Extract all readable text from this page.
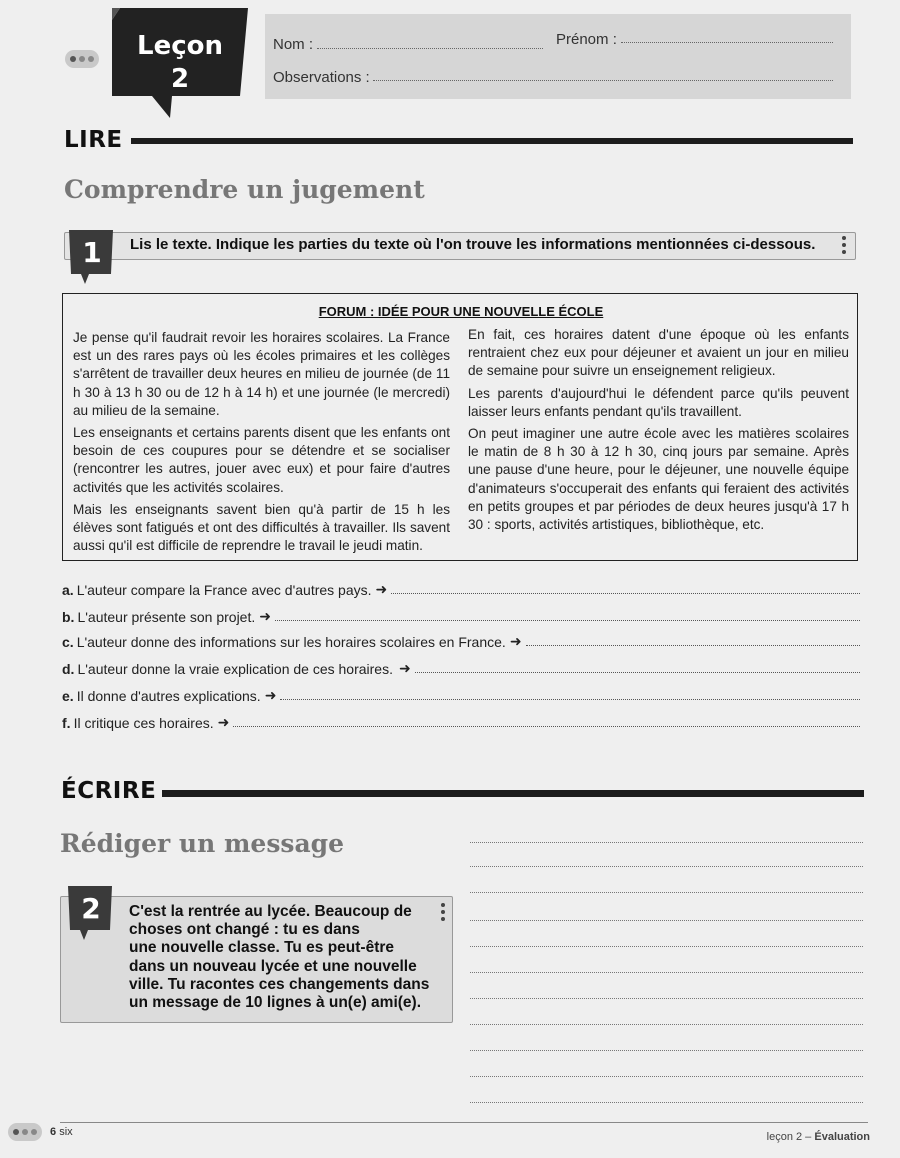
Leçon
2
Nom :	Prénom :
Observations :
LIRE
Comprendre un jugement
1	Lis le texte. Indique les parties du texte où l'on trouve les informations mentionnées ci-dessous.
FORUM : IDÉE POUR UNE NOUVELLE ÉCOLE

Je pense qu'il faudrait revoir les horaires scolaires. La France est un des rares pays où les écoles primaires et les collèges s'arrêtent de travailler deux heures en milieu de journée (de 11 h 30 à 13 h 30 ou de 12 h à 14 h) et une journée (le mercredi) au milieu de la semaine.

Les enseignants et certains parents disent que les enfants ont besoin de ces coupures pour se détendre et se socialiser (rencontrer les autres, jouer avec eux) et pour faire d'autres activités que les activités scolaires.

Mais les enseignants savent bien qu'à partir de 15 h les élèves sont fatigués et ont des difficultés à travailler. Ils savent aussi qu'il est difficile de reprendre le travail le jeudi matin.

En fait, ces horaires datent d'une époque où les enfants rentraient chez eux pour déjeuner et avaient un jour en milieu de semaine pour suivre un enseignement religieux.

Les parents d'aujourd'hui le défendent parce qu'ils peuvent laisser leurs enfants pendant qu'ils travaillent.

On peut imaginer une autre école avec les matières scolaires le matin de 8 h 30 à 12 h 30, cinq jours par semaine. Après une pause d'une heure, pour le déjeuner, une nouvelle équipe d'animateurs s'occuperait des enfants qui feraient des activités en petits groupes et par périodes de deux heures jusqu'à 17 h 30 : sports, activités artistiques, bibliothèque, etc.

a. L'auteur compare la France avec d'autres pays. ➜
b. L'auteur présente son projet. ➜
c. L'auteur donne des informations sur les horaires scolaires en France. ➜
d. L'auteur donne la vraie explication de ces horaires. ➜
e. Il donne d'autres explications. ➜
f. Il critique ces horaires. ➜
ÉCRIRE
Rédiger un message
C'est la rentrée au lycée. Beaucoup de
choses ont changé : tu es dans
une nouvelle classe. Tu es peut-être
dans un nouveau lycée et une nouvelle
ville. Tu racontes ces changements dans
un message de 10 lignes à un(e) ami(e).
2
6 six	leçon 2 – Évaluation
